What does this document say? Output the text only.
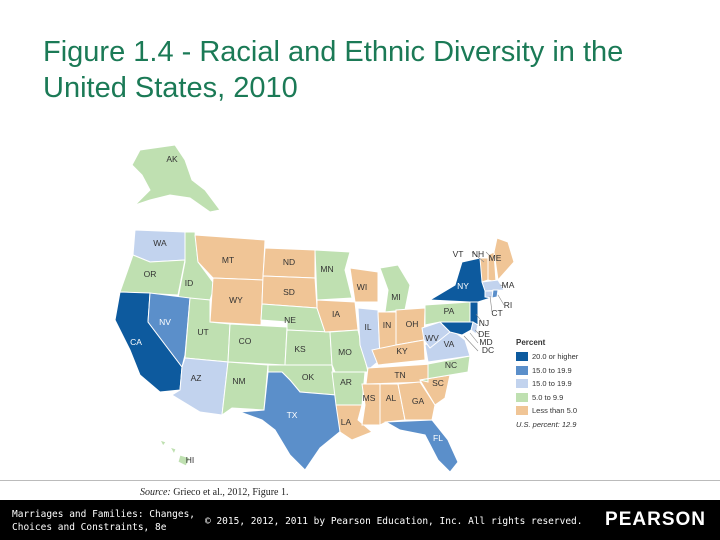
Figure 1.4 - Racial and Ethnic Diversity in the United States, 2010
AK
HI
WA
OR
CA
ID
NV
MT
WY
UT
CO
AZ	NM
ND
SD
NE
KS
OK
TX
MN
IA
MO
AR
LA
WI
IL
MI
IN OH
KY
TN
MS AL GA
FL
SC
NC
VA
WV
PA
NY
VT NH ME
MA
RI
CT
NJ
DE
MD
DC
Percent
20.0 or higher
15.0 to 19.9
15.0 to 19.9
5.0 to 9.9
Less than 5.0
U.S. percent: 12.9
Source: Grieco et al., 2012, Figure 1.
Marriages and Families: Changes, Choices and Constraints, 8e
© 2015, 2012, 2011 by Pearson Education, Inc. All rights reserved. PEARSON
